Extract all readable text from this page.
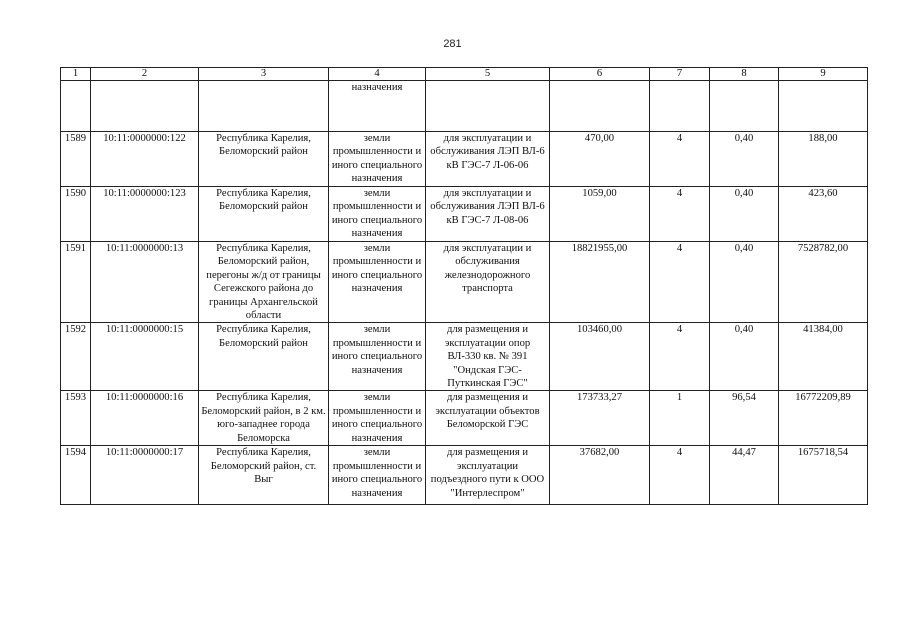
281
1	2	3	4	5	6	7	8	9
			назначения					
1589	10:11:0000000:122	Республика Карелия, Беломорский район	земли промышленности и иного специального назначения	для эксплуатации и обслуживания ЛЭП ВЛ-6 кВ ГЭС-7 Л-06-06	470,00	4	0,40	188,00
1590	10:11:0000000:123	Республика Карелия, Беломорский район	земли промышленности и иного специального назначения	для эксплуатации и обслуживания ЛЭП ВЛ-6 кВ ГЭС-7 Л-08-06	1059,00	4	0,40	423,60
1591	10:11:0000000:13	Республика Карелия, Беломорский район, перегоны ж/д от границы Сегежского района до границы Архангельской области	земли промышленности и иного специального назначения	для эксплуатации и обслуживания железнодорожного транспорта	18821955,00	4	0,40	7528782,00
1592	10:11:0000000:15	Республика Карелия, Беломорский район	земли промышленности и иного специального назначения	для размещения и эксплуатации опор ВЛ-330 кв. № 391 "Ондская ГЭС-Путкинская ГЭС"	103460,00	4	0,40	41384,00
1593	10:11:0000000:16	Республика Карелия, Беломорский район, в 2 км. юго-западнее города Беломорска	земли промышленности и иного специального назначения	для размещения и эксплуатации объектов Беломорской ГЭС	173733,27	1	96,54	16772209,89
1594	10:11:0000000:17	Республика Карелия, Беломорский район, ст. Выг	земли промышленности и иного специального назначения	для размещения и эксплуатации подъездного пути к ООО "Интерлеспром"	37682,00	4	44,47	1675718,54
